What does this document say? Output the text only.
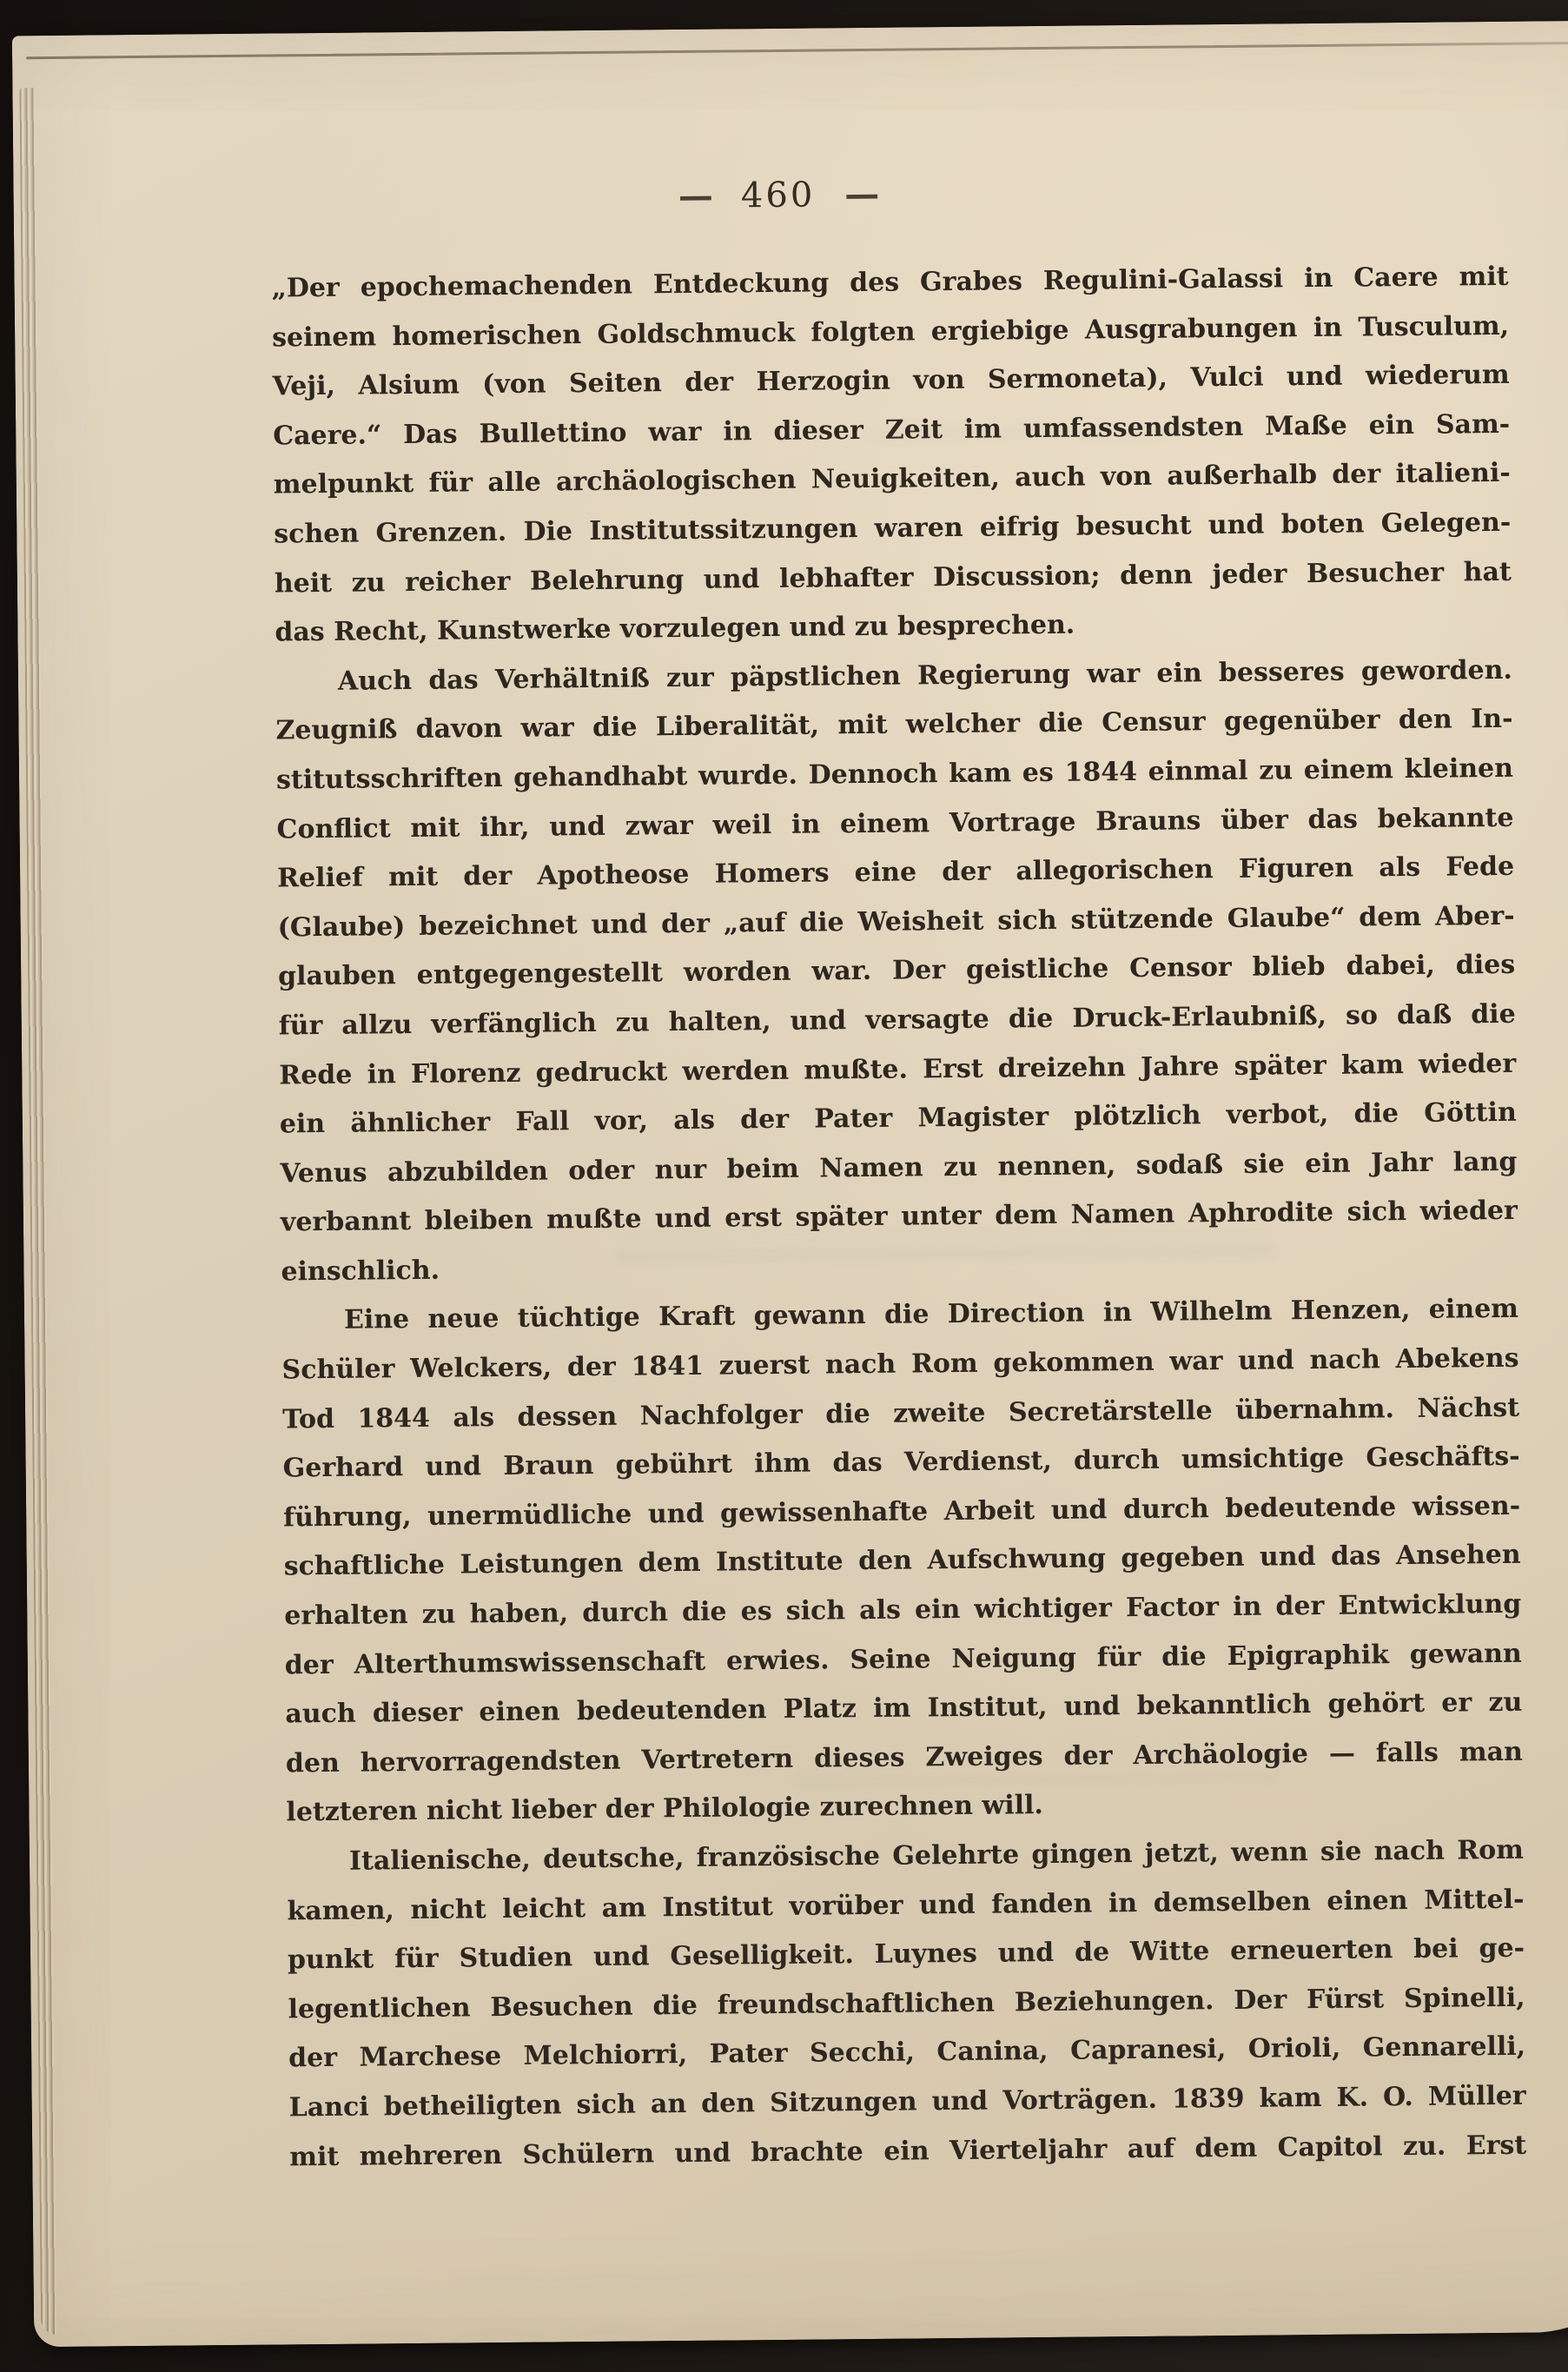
— 460 —
„Der epochemachenden Entdeckung des Grabes Regulini-Galassi in Caere mit
seinem homerischen Goldschmuck folgten ergiebige Ausgrabungen in Tusculum,
Veji, Alsium (von Seiten der Herzogin von Sermoneta), Vulci und wiederum
Caere.“ Das Bullettino war in dieser Zeit im umfassendsten Maße ein Sam-
melpunkt für alle archäologischen Neuigkeiten, auch von außerhalb der italieni-
schen Grenzen. Die Institutssitzungen waren eifrig besucht und boten Gelegen-
heit zu reicher Belehrung und lebhafter Discussion; denn jeder Besucher hat
das Recht, Kunstwerke vorzulegen und zu besprechen.
Auch das Verhältniß zur päpstlichen Regierung war ein besseres geworden.
Zeugniß davon war die Liberalität, mit welcher die Censur gegenüber den In-
stitutsschriften gehandhabt wurde. Dennoch kam es 1844 einmal zu einem kleinen
Conflict mit ihr, und zwar weil in einem Vortrage Brauns über das bekannte
Relief mit der Apotheose Homers eine der allegorischen Figuren als Fede
(Glaube) bezeichnet und der „auf die Weisheit sich stützende Glaube“ dem Aber-
glauben entgegengestellt worden war. Der geistliche Censor blieb dabei, dies
für allzu verfänglich zu halten, und versagte die Druck-Erlaubniß, so daß die
Rede in Florenz gedruckt werden mußte. Erst dreizehn Jahre später kam wieder
ein ähnlicher Fall vor, als der Pater Magister plötzlich verbot, die Göttin
Venus abzubilden oder nur beim Namen zu nennen, sodaß sie ein Jahr lang
verbannt bleiben mußte und erst später unter dem Namen Aphrodite sich wieder
einschlich.
Eine neue tüchtige Kraft gewann die Direction in Wilhelm Henzen, einem
Schüler Welckers, der 1841 zuerst nach Rom gekommen war und nach Abekens
Tod 1844 als dessen Nachfolger die zweite Secretärstelle übernahm. Nächst
Gerhard und Braun gebührt ihm das Verdienst, durch umsichtige Geschäfts-
führung, unermüdliche und gewissenhafte Arbeit und durch bedeutende wissen-
schaftliche Leistungen dem Institute den Aufschwung gegeben und das Ansehen
erhalten zu haben, durch die es sich als ein wichtiger Factor in der Entwicklung
der Alterthumswissenschaft erwies. Seine Neigung für die Epigraphik gewann
auch dieser einen bedeutenden Platz im Institut, und bekanntlich gehört er zu
den hervorragendsten Vertretern dieses Zweiges der Archäologie — falls man
letzteren nicht lieber der Philologie zurechnen will.
Italienische, deutsche, französische Gelehrte gingen jetzt, wenn sie nach Rom
kamen, nicht leicht am Institut vorüber und fanden in demselben einen Mittel-
punkt für Studien und Geselligkeit. Luynes und de Witte erneuerten bei ge-
legentlichen Besuchen die freundschaftlichen Beziehungen. Der Fürst Spinelli,
der Marchese Melchiorri, Pater Secchi, Canina, Capranesi, Orioli, Gennarelli,
Lanci betheiligten sich an den Sitzungen und Vorträgen. 1839 kam K. O. Müller
mit mehreren Schülern und brachte ein Vierteljahr auf dem Capitol zu. Erst
